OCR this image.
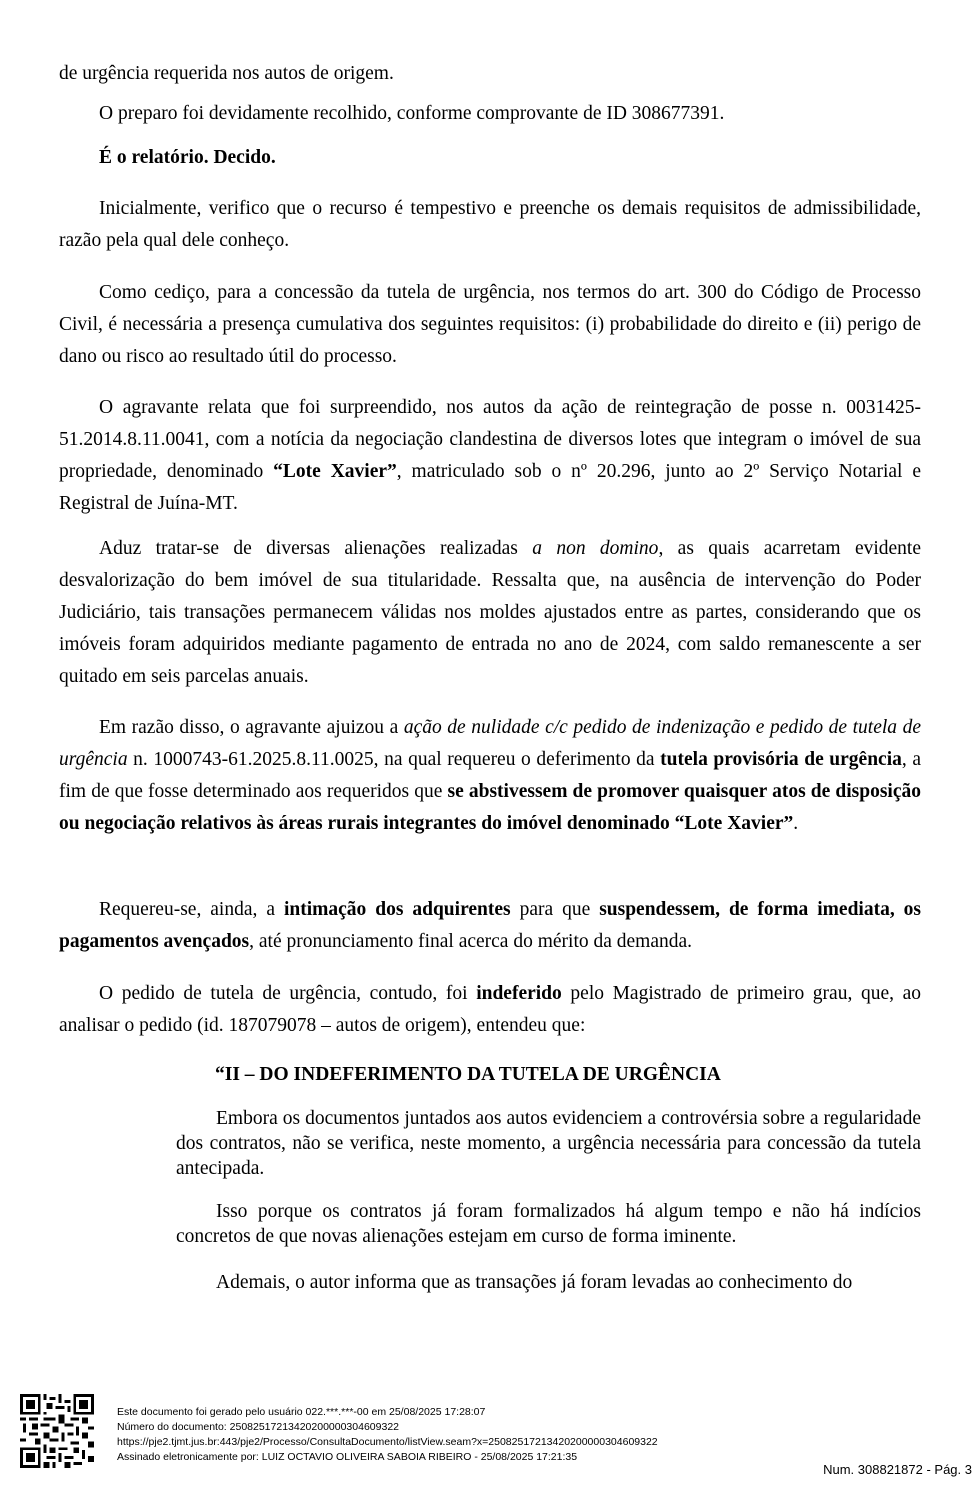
de urgência requerida nos autos de origem.

O preparo foi devidamente recolhido, conforme comprovante de ID 308677391.

É o relatório. Decido.

Inicialmente, verifico que o recurso é tempestivo e preenche os demais requisitos de admissibilidade, razão pela qual dele conheço.

Como cediço, para a concessão da tutela de urgência, nos termos do art. 300 do Código de Processo Civil, é necessária a presença cumulativa dos seguintes requisitos: (i) probabilidade do direito e (ii) perigo de dano ou risco ao resultado útil do processo.

O agravante relata que foi surpreendido, nos autos da ação de reintegração de posse n. 0031425-51.2014.8.11.0041, com a notícia da negociação clandestina de diversos lotes que integram o imóvel de sua propriedade, denominado “Lote Xavier”, matriculado sob o nº 20.296, junto ao 2º Serviço Notarial e Registral de Juína-MT.

Aduz tratar-se de diversas alienações realizadas a non domino, as quais acarretam evidente desvalorização do bem imóvel de sua titularidade. Ressalta que, na ausência de intervenção do Poder Judiciário, tais transações permanecem válidas nos moldes ajustados entre as partes, considerando que os imóveis foram adquiridos mediante pagamento de entrada no ano de 2024, com saldo remanescente a ser quitado em seis parcelas anuais.

Em razão disso, o agravante ajuizou a ação de nulidade c/c pedido de indenização e pedido de tutela de urgência n. 1000743-61.2025.8.11.0025, na qual requereu o deferimento da tutela provisória de urgência, a fim de que fosse determinado aos requeridos que se abstivessem de promover quaisquer atos de disposição ou negociação relativos às áreas rurais integrantes do imóvel denominado “Lote Xavier”.

Requereu-se, ainda, a intimação dos adquirentes para que suspendessem, de forma imediata, os pagamentos avençados, até pronunciamento final acerca do mérito da demanda.

O pedido de tutela de urgência, contudo, foi indeferido pelo Magistrado de primeiro grau, que, ao analisar o pedido (id. 187079078 – autos de origem), entendeu que:

“II – DO INDEFERIMENTO DA TUTELA DE URGÊNCIA

Embora os documentos juntados aos autos evidenciem a controvérsia sobre a regularidade dos contratos, não se verifica, neste momento, a urgência necessária para concessão da tutela antecipada.

Isso porque os contratos já foram formalizados há algum tempo e não há indícios concretos de que novas alienações estejam em curso de forma iminente.

Ademais, o autor informa que as transações já foram levadas ao conhecimento do

Este documento foi gerado pelo usuário 022.***.***-00 em 25/08/2025 17:28:07
Número do documento: 25082517213420200000304609322
https://pje2.tjmt.jus.br:443/pje2/Processo/ConsultaDocumento/listView.seam?x=25082517213420200000304609322
Assinado eletronicamente por: LUIZ OCTAVIO OLIVEIRA SABOIA RIBEIRO - 25/08/2025 17:21:35
Num. 308821872 - Pág. 3
